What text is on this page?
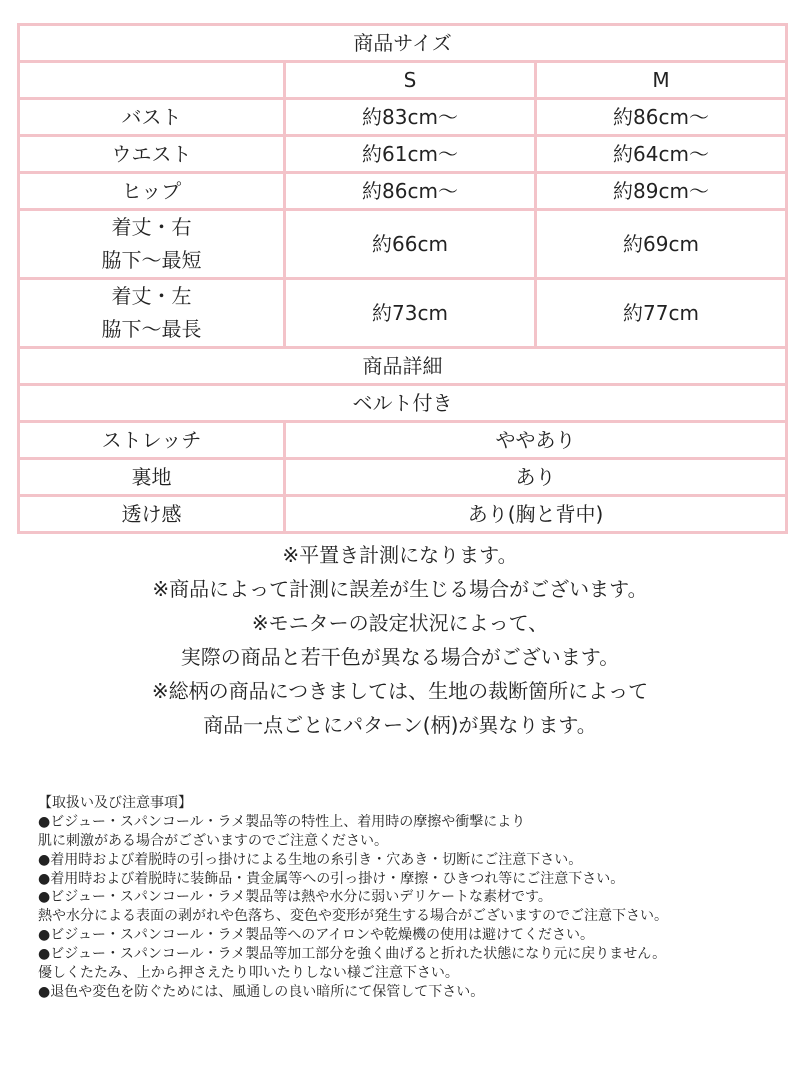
商品サイズ		
	S	M
バスト	約83cm〜	約86cm〜
ウエスト	約61cm〜	約64cm〜
ヒップ	約86cm〜	約89cm〜

着丈・右
脇下〜最短	約66cm	約69cm

着丈・左
脇下〜最長	約73cm	約77cm
商品詳細		
ベルト付き		
ストレッチ	ややあり	
裏地	あり	
透け感	あり(胸と背中)	
※平置き計測になります。
※商品によって計測に誤差が生じる場合がございます。
※モニターの設定状況によって、
実際の商品と若干色が異なる場合がございます。
※総柄の商品につきましては、生地の裁断箇所によって
商品一点ごとにパターン(柄)が異なります。
【取扱い及び注意事項】
●ビジュー・スパンコール・ラメ製品等の特性上、着用時の摩擦や衝撃により
肌に刺激がある場合がございますのでご注意ください。
●着用時および着脱時の引っ掛けによる生地の糸引き・穴あき・切断にご注意下さい。
●着用時および着脱時に装飾品・貴金属等への引っ掛け・摩擦・ひきつれ等にご注意下さい。
●ビジュー・スパンコール・ラメ製品等は熱や水分に弱いデリケートな素材です。
熱や水分による表面の剥がれや色落ち、変色や変形が発生する場合がございますのでご注意下さい。
●ビジュー・スパンコール・ラメ製品等へのアイロンや乾燥機の使用は避けてください。
●ビジュー・スパンコール・ラメ製品等加工部分を強く曲げると折れた状態になり元に戻りません。
優しくたたみ、上から押さえたり叩いたりしない様ご注意下さい。
●退色や変色を防ぐためには、風通しの良い暗所にて保管して下さい。
